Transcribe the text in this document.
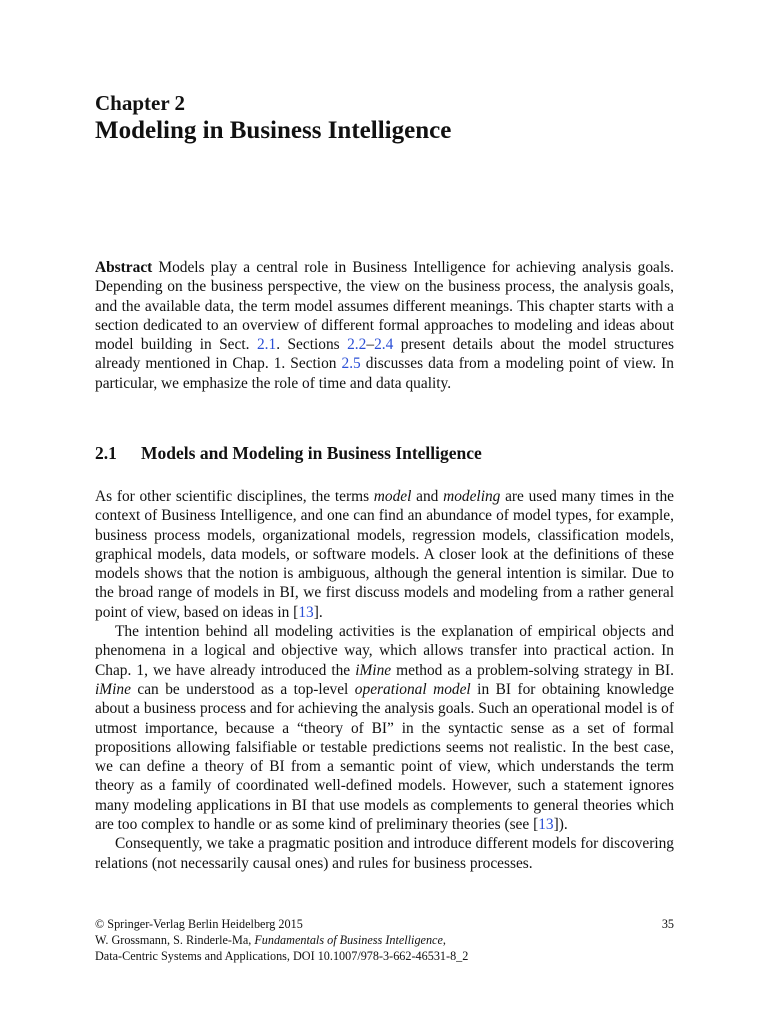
Chapter 2
Modeling in Business Intelligence
Abstract Models play a central role in Business Intelligence for achieving analysis goals. Depending on the business perspective, the view on the business process, the analysis goals, and the available data, the term model assumes different meanings. This chapter starts with a section dedicated to an overview of different formal approaches to modeling and ideas about model building in Sect. 2.1. Sections 2.2–2.4 present details about the model structures already mentioned in Chap. 1. Section 2.5 discusses data from a modeling point of view. In particular, we emphasize the role of time and data quality.
2.1 Models and Modeling in Business Intelligence

As for other scientific disciplines, the terms model and modeling are used many times in the context of Business Intelligence, and one can find an abundance of model types, for example, business process models, organizational models, regression models, classification models, graphical models, data models, or software models. A closer look at the definitions of these models shows that the notion is ambiguous, although the general intention is similar. Due to the broad range of models in BI, we first discuss models and modeling from a rather general point of view, based on ideas in [13].

The intention behind all modeling activities is the explanation of empirical objects and phenomena in a logical and objective way, which allows transfer into practical action. In Chap. 1, we have already introduced the iMine method as a problem-solving strategy in BI. iMine can be understood as a top-level operational model in BI for obtaining knowledge about a business process and for achieving the analysis goals. Such an operational model is of utmost importance, because a “theory of BI” in the syntactic sense as a set of formal propositions allowing falsifiable or testable predictions seems not realistic. In the best case, we can define a theory of BI from a semantic point of view, which understands the term theory as a family of coordinated well-defined models. However, such a statement ignores many modeling applications in BI that use models as complements to general theories which are too complex to handle or as some kind of preliminary theories (see [13]).

Consequently, we take a pragmatic position and introduce different models for discovering relations (not necessarily causal ones) and rules for business processes.

© Springer-Verlag Berlin Heidelberg 2015	35
W. Grossmann, S. Rinderle-Ma, Fundamentals of Business Intelligence,
Data-Centric Systems and Applications, DOI 10.1007/978-3-662-46531-8_2
